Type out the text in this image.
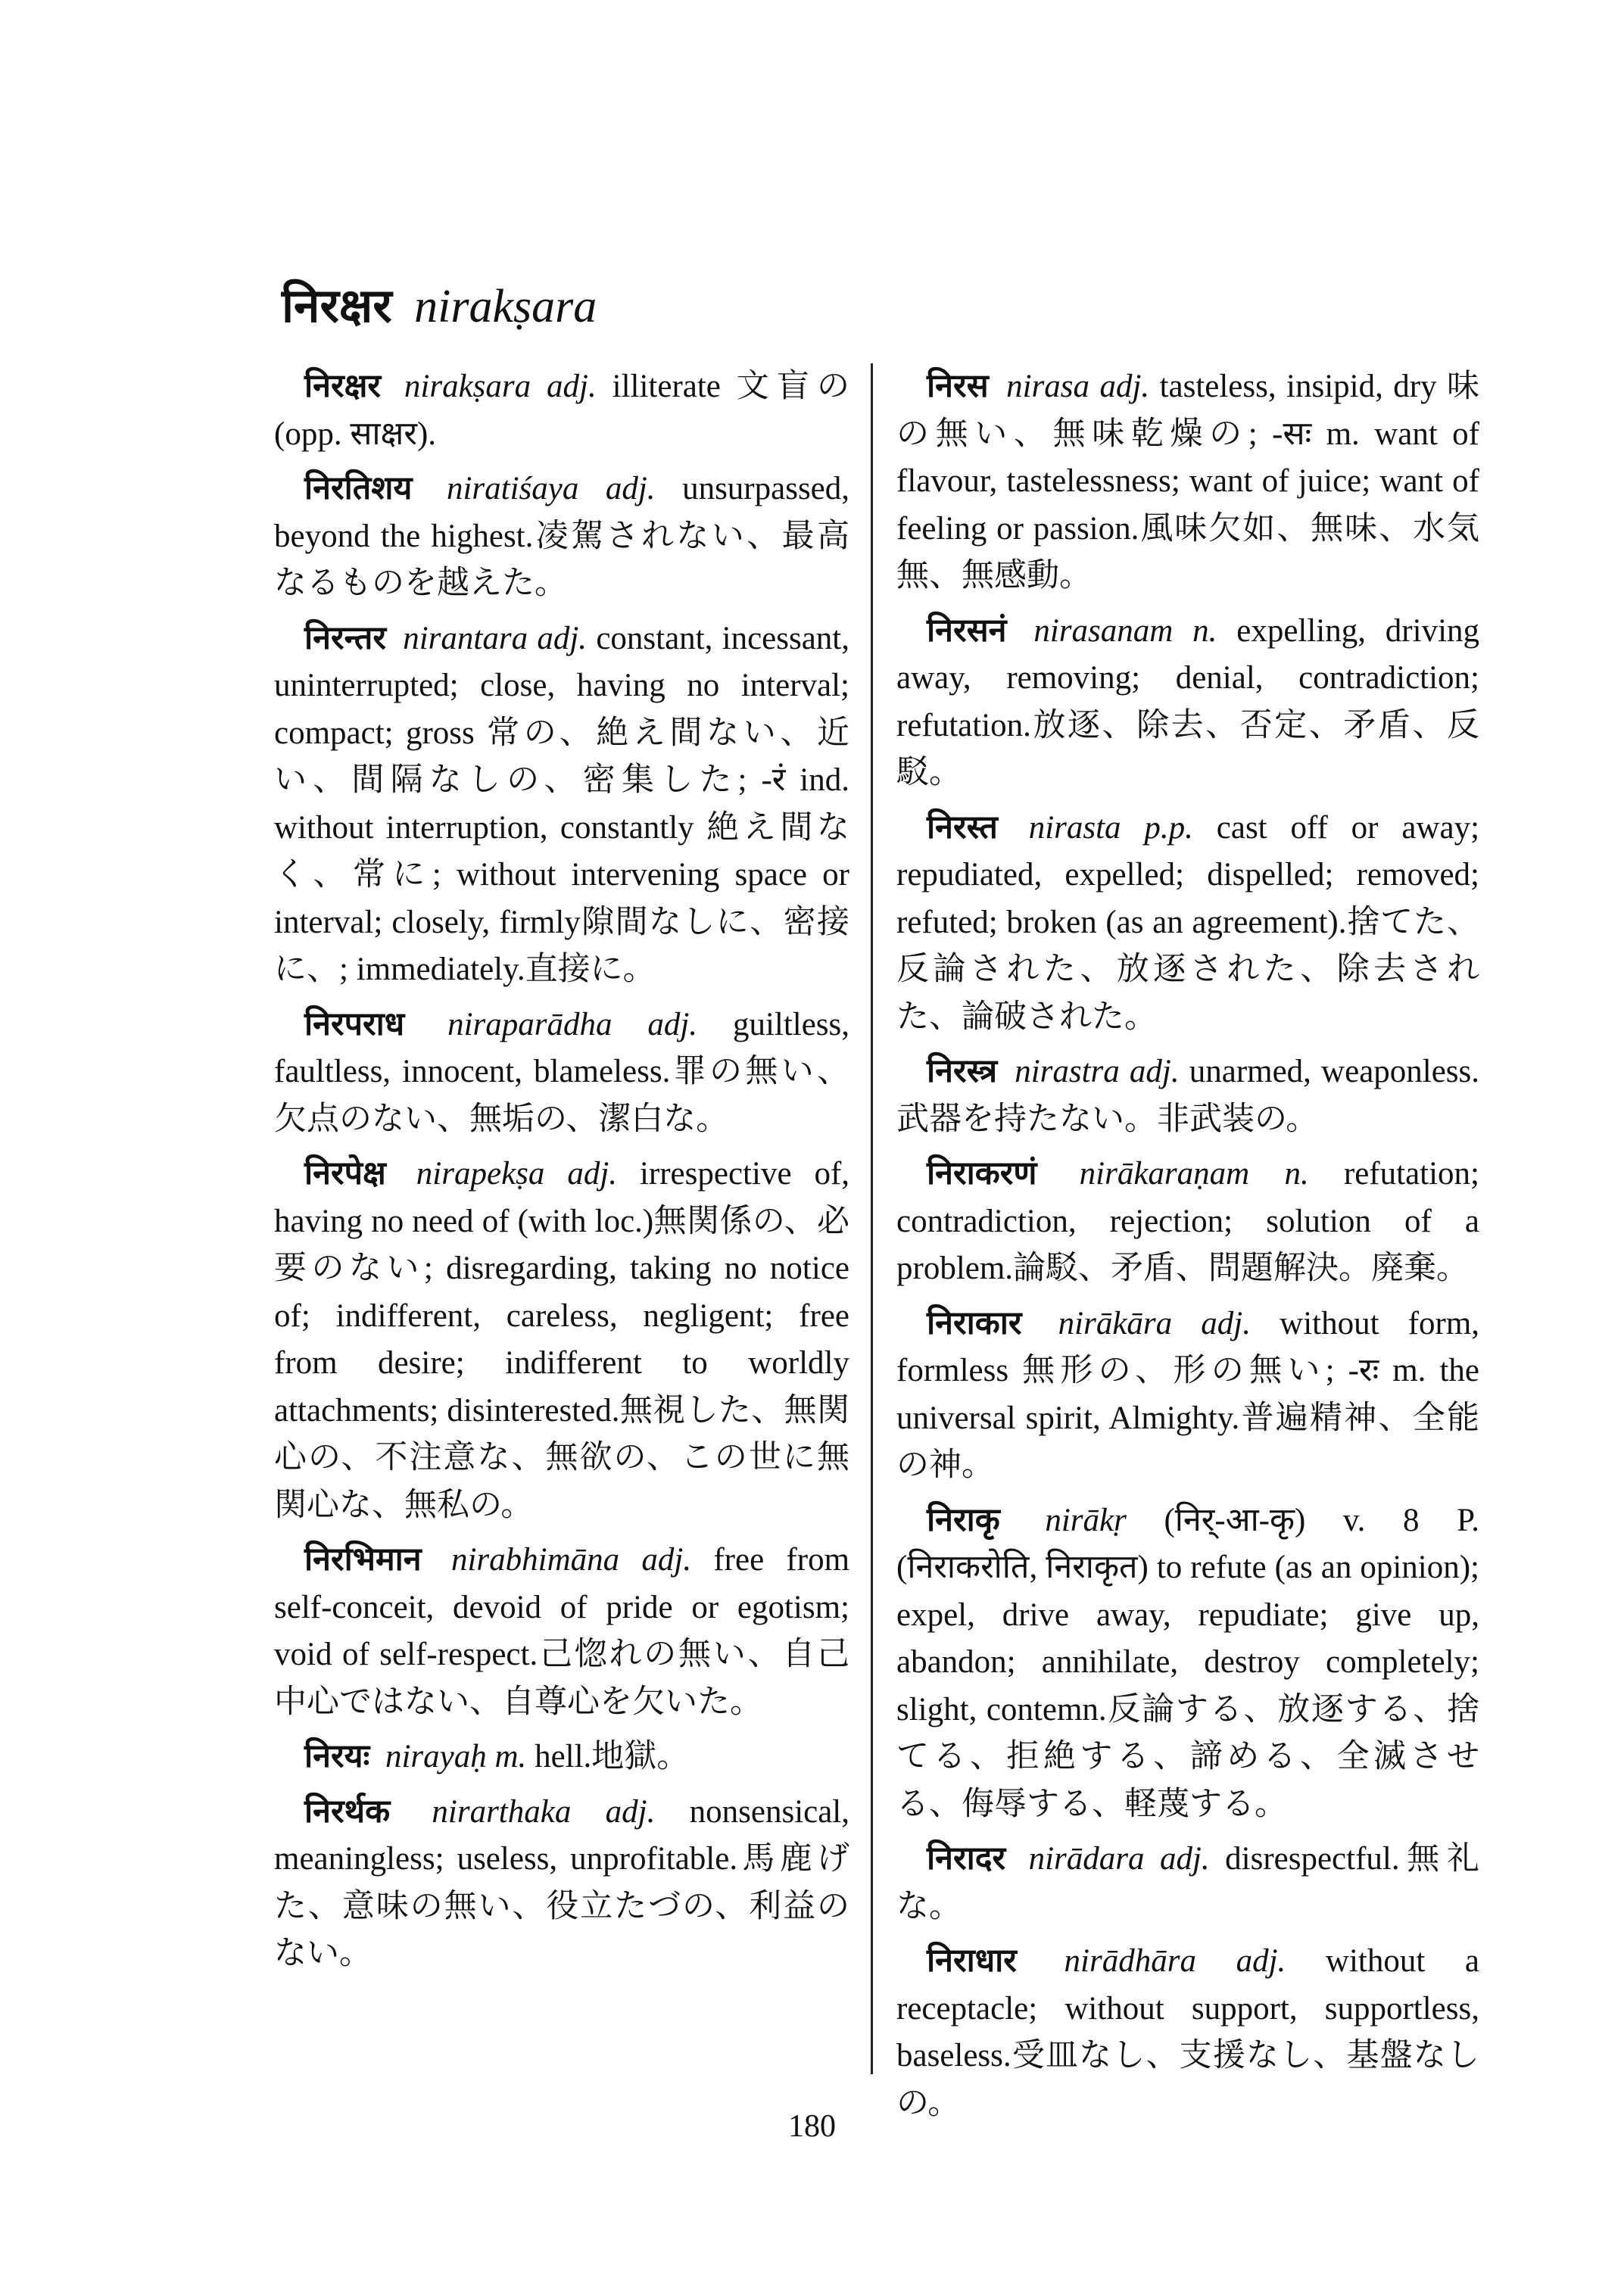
निरक्षर nirakṣara

निरक्षर nirakṣara adj. illiterate 文盲の (opp. साक्षर).

निरतिशय niratiśaya adj. unsurpassed, beyond the highest.凌駕されない、最高なるものを越えた。

निरन्तर nirantara adj. constant, incessant, uninterrupted; close, having no interval; compact; gross 常の、絶え間ない、近い、間隔なしの、密集した; -रं ind. without interruption, constantly 絶え間なく、常に; without intervening space or interval; closely, firmly隙間なしに、密接に、; immediately.直接に。

निरपराध niraparādha adj. guiltless, faultless, innocent, blameless.罪の無い、欠点のない、無垢の、潔白な。

निरपेक्ष nirapekṣa adj. irrespective of, having no need of (with loc.)無関係の、必要のない; disregarding, taking no notice of; indifferent, careless, negligent; free from desire; indifferent to worldly attachments; disinterested.無視した、無関心の、不注意な、無欲の、この世に無関心な、無私の。

निरभिमान nirabhimāna adj. free from self-conceit, devoid of pride or egotism; void of self-respect.己惚れの無い、自己中心ではない、自尊心を欠いた。

निरयः nirayaḥ m. hell.地獄。

निरर्थक nirarthaka adj. nonsensical, meaningless; useless, unprofitable.馬鹿げた、意味の無い、役立たづの、利益のない。

निरस nirasa adj. tasteless, insipid, dry 味の無い、無味乾燥の; -सः m. want of flavour, tastelessness; want of juice; want of feeling or passion.風味欠如、無味、水気無、無感動。

निरसनं nirasanam n. expelling, driving away, removing; denial, contradiction; refutation.放逐、除去、否定、矛盾、反駁。

निरस्त nirasta p.p. cast off or away; repudiated, expelled; dispelled; removed; refuted; broken (as an agreement).捨てた、反論された、放逐された、除去された、論破された。

निरस्त्र nirastra adj. unarmed, weaponless.武器を持たない。非武装の。

निराकरणं nirākaraṇam n. refutation; contradiction, rejection; solution of a problem.論駁、矛盾、問題解決。廃棄。

निराकार nirākāra adj. without form, formless 無形の、形の無い; -रः m. the universal spirit, Almighty.普遍精神、全能の神。

निराकृ nirākṛ (निर्-आ-कृ) v. 8 P. (निराकरोति, निराकृत) to refute (as an opinion); expel, drive away, repudiate; give up, abandon; annihilate, destroy completely; slight, contemn.反論する、放逐する、捨てる、拒絶する、諦める、全滅させる、侮辱する、軽蔑する。

निरादर nirādara adj. disrespectful.無礼な。

निराधार nirādhāra adj. without a receptacle; without support, supportless, baseless.受皿なし、支援なし、基盤なしの。

180
